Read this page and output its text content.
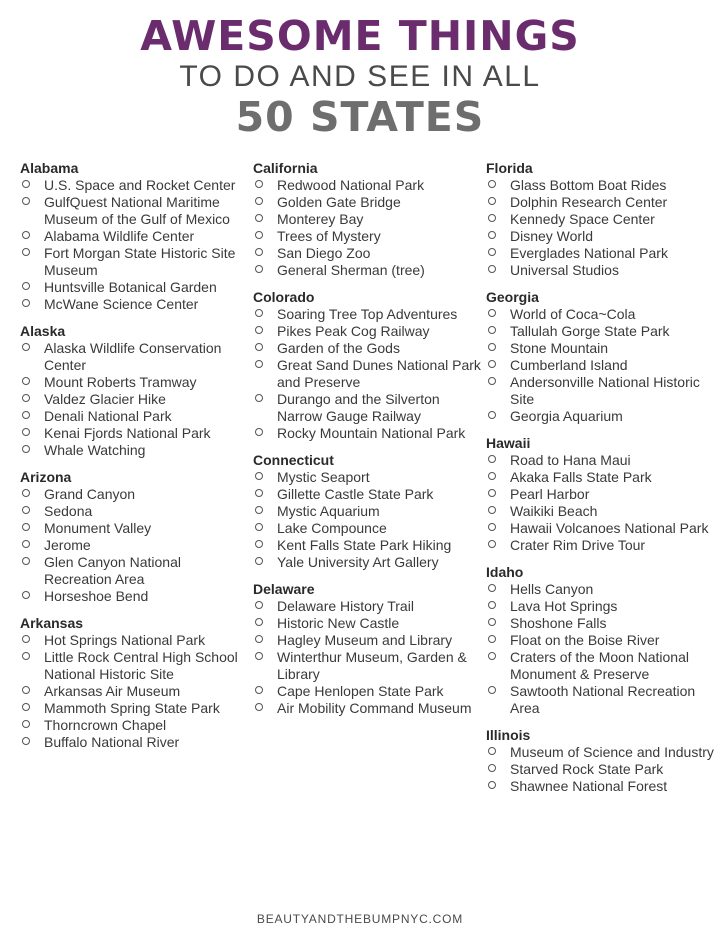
AWESOME THINGS
TO DO AND SEE IN ALL
50 STATES
Alabama
U.S. Space and Rocket Center
GulfQuest National Maritime Museum of the Gulf of Mexico
Alabama Wildlife Center
Fort Morgan State Historic Site Museum
Huntsville Botanical Garden
McWane Science Center
Alaska
Alaska Wildlife Conservation Center
Mount Roberts Tramway
Valdez Glacier Hike
Denali National Park
Kenai Fjords National Park
Whale Watching
Arizona
Grand Canyon
Sedona
Monument Valley
Jerome
Glen Canyon National Recreation Area
Horseshoe Bend
Arkansas
Hot Springs National Park
Little Rock Central High School National Historic Site
Arkansas Air Museum
Mammoth Spring State Park
Thorncrown Chapel
Buffalo National River
California
Redwood National Park
Golden Gate Bridge
Monterey Bay
Trees of Mystery
San Diego Zoo
General Sherman (tree)
Colorado
Soaring Tree Top Adventures
Pikes Peak Cog Railway
Garden of the Gods
Great Sand Dunes National Park and Preserve
Durango and the Silverton Narrow Gauge Railway
Rocky Mountain National Park
Connecticut
Mystic Seaport
Gillette Castle State Park
Mystic Aquarium
Lake Compounce
Kent Falls State Park Hiking
Yale University Art Gallery
Delaware
Delaware History Trail
Historic New Castle
Hagley Museum and Library
Winterthur Museum, Garden & Library
Cape Henlopen State Park
Air Mobility Command Museum
Florida
Glass Bottom Boat Rides
Dolphin Research Center
Kennedy Space Center
Disney World
Everglades National Park
Universal Studios
Georgia
World of Coca~Cola
Tallulah Gorge State Park
Stone Mountain
Cumberland Island
Andersonville National Historic Site
Georgia Aquarium
Hawaii
Road to Hana Maui
Akaka Falls State Park
Pearl Harbor
Waikiki Beach
Hawaii Volcanoes National Park
Crater Rim Drive Tour
Idaho
Hells Canyon
Lava Hot Springs
Shoshone Falls
Float on the Boise River
Craters of the Moon National Monument & Preserve
Sawtooth National Recreation Area
Illinois
Museum of Science and Industry
Starved Rock State Park
Shawnee National Forest
BEAUTYANDTHEBUMPNYC.COM
